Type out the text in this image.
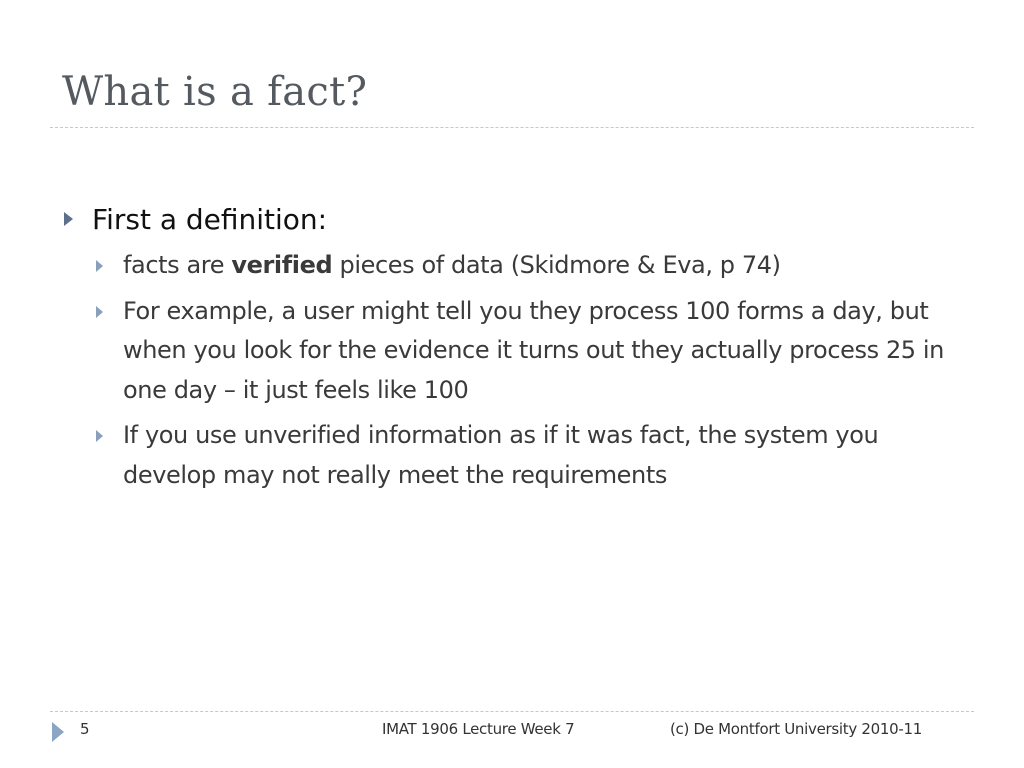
What is a fact?
First a definition:
facts are verified pieces of data (Skidmore & Eva, p 74)
For example, a user might tell you they process 100 forms a day, but when you look for the evidence it turns out they actually process 25 in one day – it just feels like 100
If you use unverified information as if it was fact, the system you develop may not really meet the requirements
5	IMAT 1906 Lecture Week 7	(c) De Montfort University 2010-11
